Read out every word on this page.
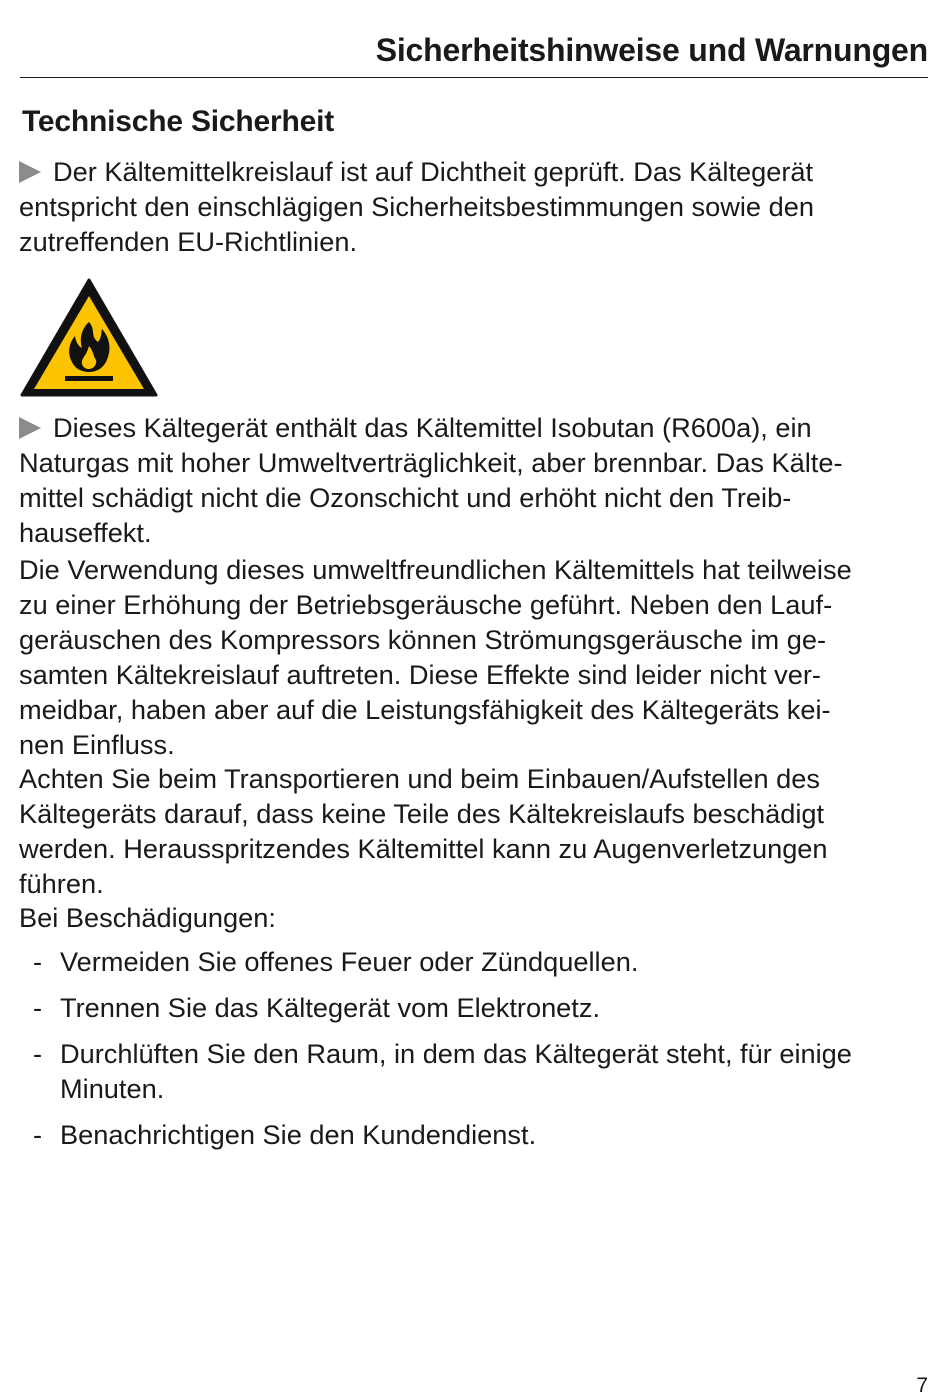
Sicherheitshinweise und Warnungen
Technische Sicherheit

Der Kältemittelkreislauf ist auf Dichtheit geprüft. Das Kältegerät
entspricht den einschlägigen Sicherheitsbestimmungen sowie den
zutreffenden EU-Richtlinien.

Dieses Kältegerät enthält das Kältemittel Isobutan (R600a), ein
Naturgas mit hoher Umweltverträglichkeit, aber brennbar. Das Kälte-
mittel schädigt nicht die Ozonschicht und erhöht nicht den Treib-
hauseffekt.

Die Verwendung dieses umweltfreundlichen Kältemittels hat teilweise
zu einer Erhöhung der Betriebsgeräusche geführt. Neben den Lauf-
geräuschen des Kompressors können Strömungsgeräusche im ge-
samten Kältekreislauf auftreten. Diese Effekte sind leider nicht ver-
meidbar, haben aber auf die Leistungsfähigkeit des Kältegeräts kei-
nen Einfluss.

Achten Sie beim Transportieren und beim Einbauen/Aufstellen des
Kältegeräts darauf, dass keine Teile des Kältekreislaufs beschädigt
werden. Herausspritzendes Kältemittel kann zu Augenverletzungen
führen.

Bei Beschädigungen:

- Vermeiden Sie offenes Feuer oder Zündquellen.
- Trennen Sie das Kältegerät vom Elektronetz.
- Durchlüften Sie den Raum, in dem das Kältegerät steht, für einige
Minuten.
- Benachrichtigen Sie den Kundendienst.
7
